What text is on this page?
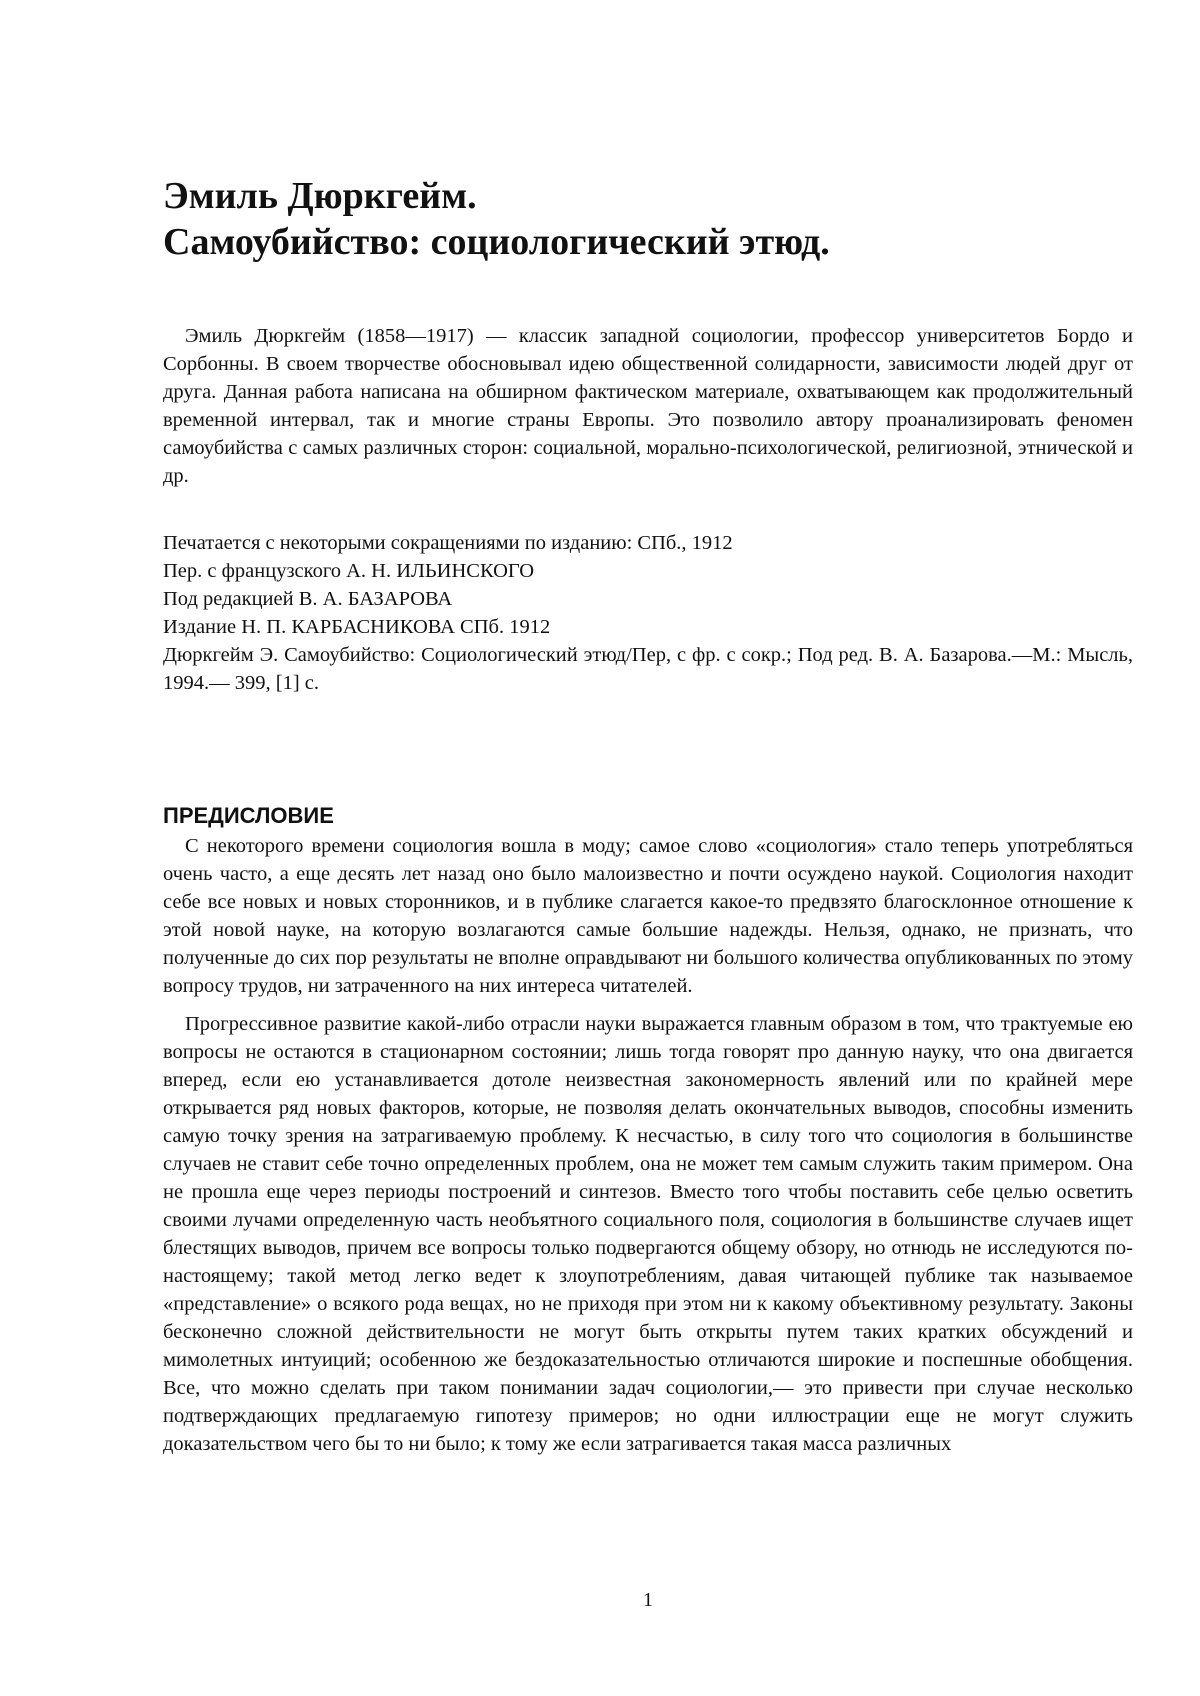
Эмиль Дюркгейм.
Самоубийство: социологический этюд.

Эмиль Дюркгейм (1858—1917) — классик западной социологии, профессор университетов Бордо и Сорбонны. В своем творчестве обосновывал идею общественной солидарности, зависимости людей друг от друга. Данная работа написана на обширном фактическом материале, охватывающем как продолжительный временной интервал, так и многие страны Европы. Это позволило автору проанализировать феномен самоубийства с самых различных сторон: социальной, морально-психологической, религиозной, этнической и др.

Печатается с некоторыми сокращениями по изданию: СПб., 1912

Пер. с французского А. Н. ИЛЬИНСКОГО

Под редакцией В. А. БАЗАРОВА

Издание Н. П. КАРБАСНИКОВА СПб. 1912

Дюркгейм Э. Самоубийство: Социологический этюд/Пер, с фр. с сокр.; Под ред. В. А. Базарова.—М.: Мысль, 1994.— 399, [1] с.

ПРЕДИСЛОВИЕ

С некоторого времени социология вошла в моду; самое слово «социология» стало теперь употребляться очень часто, а еще десять лет назад оно было малоизвестно и почти осуждено наукой. Социология находит себе все новых и новых сторонников, и в публике слагается какое-то предвзято благосклонное отношение к этой новой науке, на которую возлагаются самые большие надежды. Нельзя, однако, не признать, что полученные до сих пор результаты не вполне оправдывают ни большого количества опубликованных по этому вопросу трудов, ни затраченного на них интереса читателей.

Прогрессивное развитие какой-либо отрасли науки выражается главным образом в том, что трактуемые ею вопросы не остаются в стационарном состоянии; лишь тогда говорят про данную науку, что она двигается вперед, если ею устанавливается дотоле неизвестная закономерность явлений или по крайней мере открывается ряд новых факторов, которые, не позволяя делать окончательных выводов, способны изменить самую точку зрения на затрагиваемую проблему. К несчастью, в силу того что социология в большинстве случаев не ставит себе точно определенных проблем, она не может тем самым служить таким примером. Она не прошла еще через периоды построений и синтезов. Вместо того чтобы поставить себе целью осветить своими лучами определенную часть необъятного социального поля, социология в большинстве случаев ищет блестящих выводов, причем все вопросы только подвергаются общему обзору, но отнюдь не исследуются по-настоящему; такой метод легко ведет к злоупотреблениям, давая читающей публике так называемое «представление» о всякого рода вещах, но не приходя при этом ни к какому объективному результату. Законы бесконечно сложной действительности не могут быть открыты путем таких кратких обсуждений и мимолетных интуиций; особенною же бездоказательностью отличаются широкие и поспешные обобщения. Все, что можно сделать при таком понимании задач социологии,— это привести при случае несколько подтверждающих предлагаемую гипотезу примеров; но одни иллюстрации еще не могут служить доказательством чего бы то ни было; к тому же если затрагивается такая масса различных

1
